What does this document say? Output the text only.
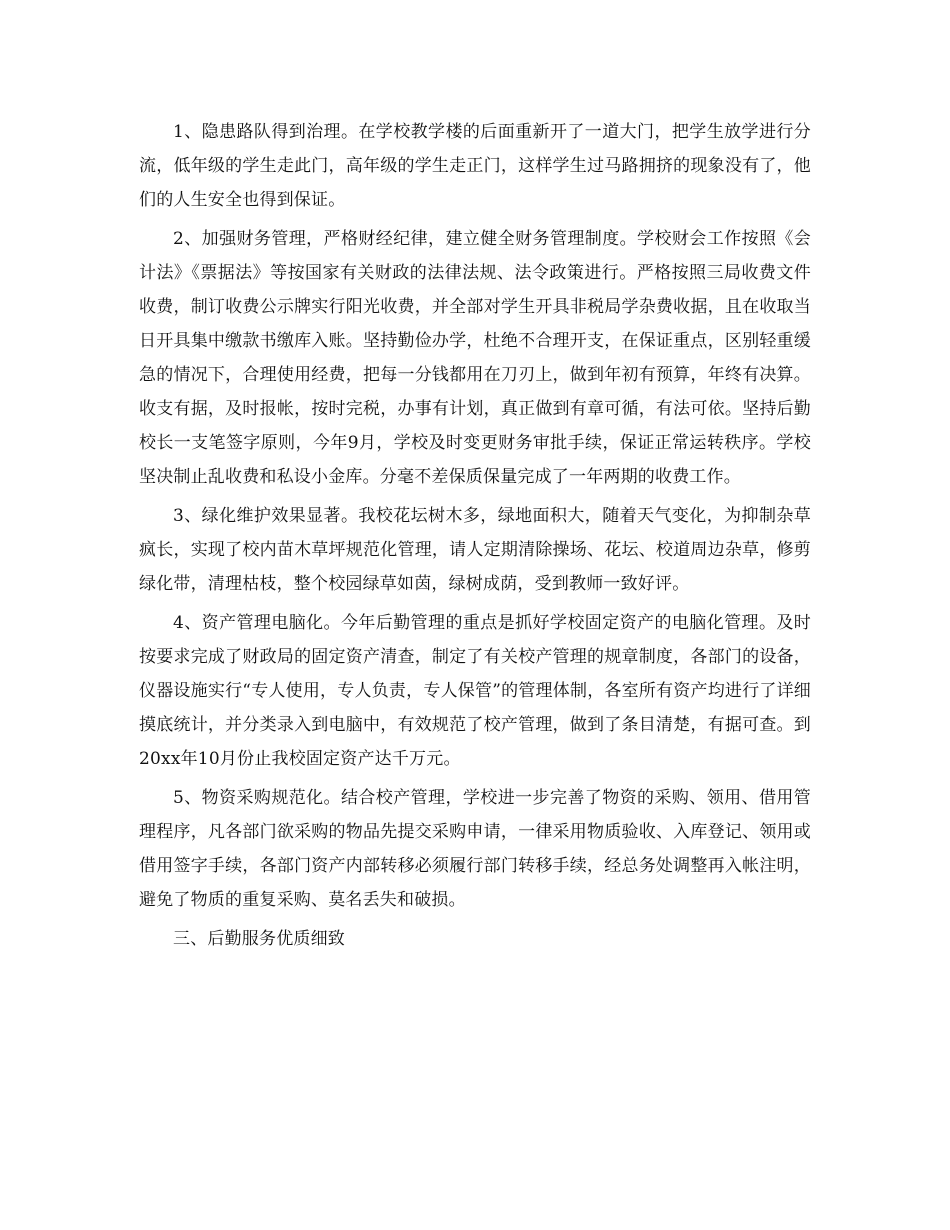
1、隐患路队得到治理。在学校教学楼的后面重新开了一道大门，把学生放学进行分流，低年级的学生走此门，高年级的学生走正门，这样学生过马路拥挤的现象没有了，他们的人生安全也得到保证。

2、加强财务管理，严格财经纪律，建立健全财务管理制度。学校财会工作按照《会计法》《票据法》等按国家有关财政的法律法规、法令政策进行。严格按照三局收费文件收费，制订收费公示牌实行阳光收费，并全部对学生开具非税局学杂费收据，且在收取当日开具集中缴款书缴库入账。坚持勤俭办学，杜绝不合理开支，在保证重点，区别轻重缓急的情况下，合理使用经费，把每一分钱都用在刀刃上，做到年初有预算，年终有决算。收支有据，及时报帐，按时完税，办事有计划，真正做到有章可循，有法可依。坚持后勤校长一支笔签字原则，今年9月，学校及时变更财务审批手续，保证正常运转秩序。学校坚决制止乱收费和私设小金库。分毫不差保质保量完成了一年两期的收费工作。

3、绿化维护效果显著。我校花坛树木多，绿地面积大，随着天气变化，为抑制杂草疯长，实现了校内苗木草坪规范化管理，请人定期清除操场、花坛、校道周边杂草，修剪绿化带，清理枯枝，整个校园绿草如茵，绿树成荫，受到教师一致好评。

4、资产管理电脑化。今年后勤管理的重点是抓好学校固定资产的电脑化管理。及时按要求完成了财政局的固定资产清查，制定了有关校产管理的规章制度，各部门的设备，仪器设施实行“专人使用，专人负责，专人保管”的管理体制，各室所有资产均进行了详细摸底统计，并分类录入到电脑中，有效规范了校产管理，做到了条目清楚，有据可查。到20xx年10月份止我校固定资产达千万元。

5、物资采购规范化。结合校产管理，学校进一步完善了物资的采购、领用、借用管理程序，凡各部门欲采购的物品先提交采购申请，一律采用物质验收、入库登记、领用或借用签字手续，各部门资产内部转移必须履行部门转移手续，经总务处调整再入帐注明，避免了物质的重复采购、莫名丢失和破损。

三、后勤服务优质细致
